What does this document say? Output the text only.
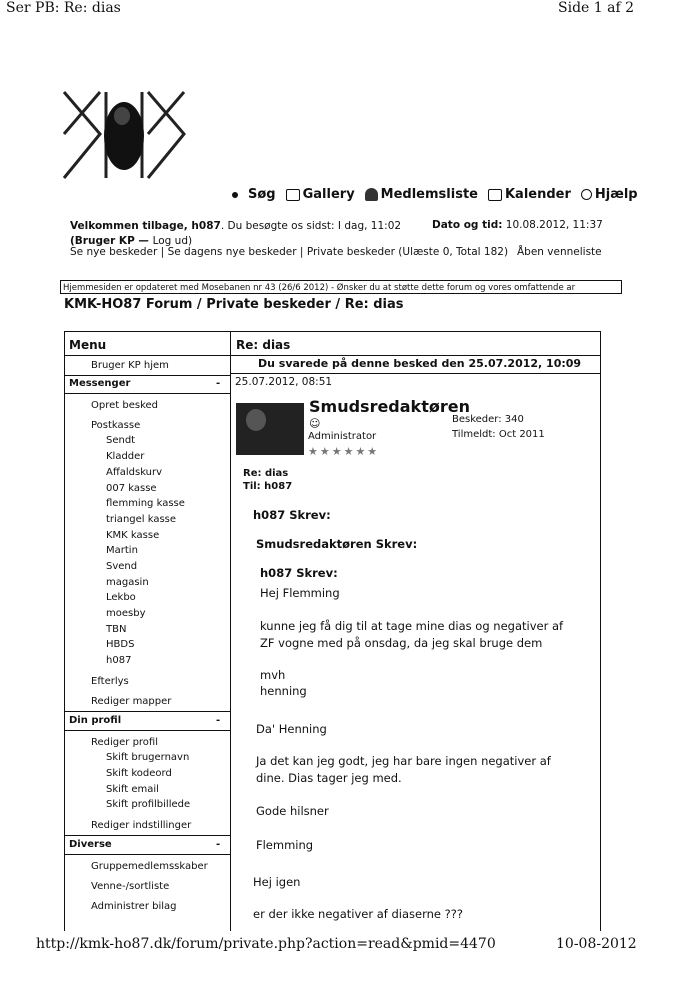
Ser PB: Re: dias	Side 1 af 2
Søg Gallery Medlemsliste Kalender Hjælp
Velkommen tilbage, h087. Du besøgte os sidst: I dag, 11:02
(Bruger KP — Log ud)
Dato og tid: 10.08.2012, 11:37
Se nye beskeder | Se dagens nye beskeder | Private beskeder (Ulæste 0, Total 182) Åben venneliste
Hjemmesiden er opdateret med Mosebanen nr 43 (26/6 2012) - Ønsker du at støtte dette forum og vores omfattende ar
KMK-HO87 Forum / Private beskeder / Re: dias
Menu
Bruger KP hjem
Messenger	-
Opret besked
Postkasse
Sendt
Kladder
Affaldskurv
007 kasse
flemming kasse
triangel kasse
KMK kasse
Martin
Svend
magasin
Lekbo
moesby
TBN
HBDS
h087
Efterlys
Rediger mapper
Din profil	-
Rediger profil
Skift brugernavn
Skift kodeord
Skift email
Skift profilbillede
Rediger indstillinger
Diverse	-
Gruppemedlemsskaber
Venne-/sortliste
Administrer bilag
Re: dias
Du svarede på denne besked den 25.07.2012, 10:09
25.07.2012, 08:51
Smudsredaktøren
☺
Administrator
★★★★★★
Beskeder: 340
Tilmeldt: Oct 2011
Re: dias
Til: h087
h087 Skrev:
Smudsredaktøren Skrev:
h087 Skrev:
Hej Flemming
kunne jeg få dig til at tage mine dias og negativer af
ZF vogne med på onsdag, da jeg skal bruge dem
mvh
henning
Da' Henning
Ja det kan jeg godt, jeg har bare ingen negativer af
dine. Dias tager jeg med.
Gode hilsner
Flemming
Hej igen
er der ikke negativer af diaserne ???
http://kmk-ho87.dk/forum/private.php?action=read&pmid=4470	10-08-2012
